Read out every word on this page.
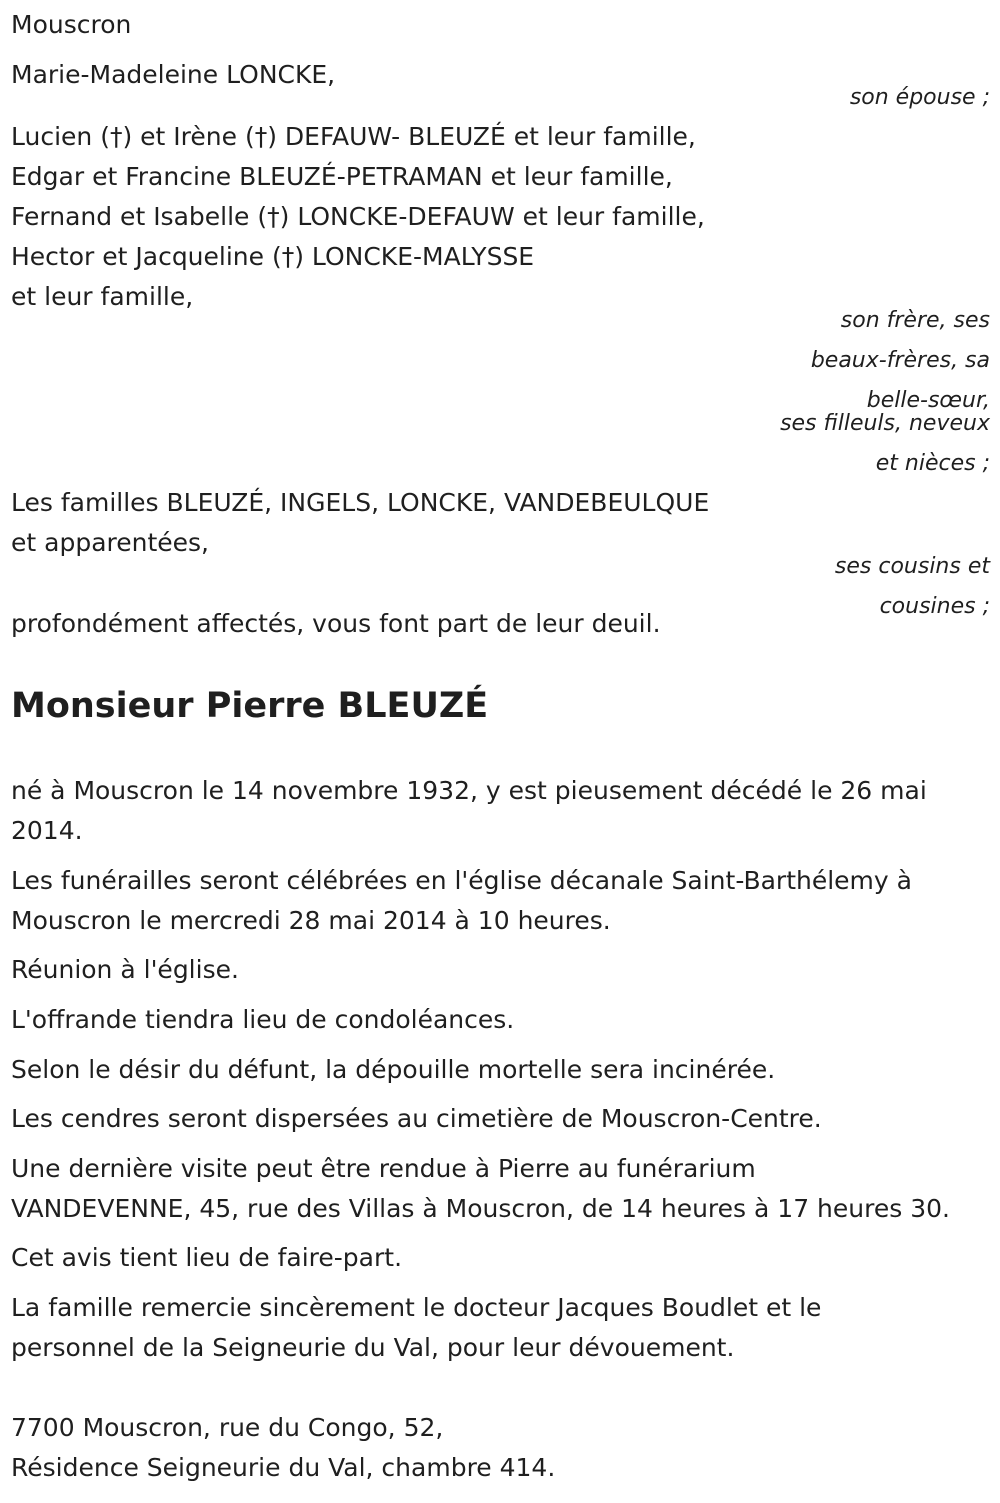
Mouscron
Marie-Madeleine LONCKE,
son épouse ;
Lucien (†) et Irène (†) DEFAUW- BLEUZÉ et leur famille,
Edgar et Francine BLEUZÉ-PETRAMAN et leur famille,
Fernand et Isabelle (†) LONCKE-DEFAUW et leur famille,
Hector et Jacqueline (†) LONCKE-MALYSSE
et leur famille,
son frère, ses
beaux-frères, sa
belle-sœur,
ses filleuls, neveux
et nièces ;
Les familles BLEUZÉ, INGELS, LONCKE, VANDEBEULQUE
et apparentées,
ses cousins et
cousines ;
profondément affectés, vous font part de leur deuil.
Monsieur Pierre BLEUZÉ
né à Mouscron le 14 novembre 1932, y est pieusement décédé le 26 mai
2014.
Les funérailles seront célébrées en l'église décanale Saint-Barthélemy à
Mouscron le mercredi 28 mai 2014 à 10 heures.
Réunion à l'église.
L'offrande tiendra lieu de condoléances.
Selon le désir du défunt, la dépouille mortelle sera incinérée.
Les cendres seront dispersées au cimetière de Mouscron-Centre.
Une dernière visite peut être rendue à Pierre au funérarium
VANDEVENNE, 45, rue des Villas à Mouscron, de 14 heures à 17 heures 30.
Cet avis tient lieu de faire-part.
La famille remercie sincèrement le docteur Jacques Boudlet et le
personnel de la Seigneurie du Val, pour leur dévouement.
7700 Mouscron, rue du Congo, 52,
Résidence Seigneurie du Val, chambre 414.
